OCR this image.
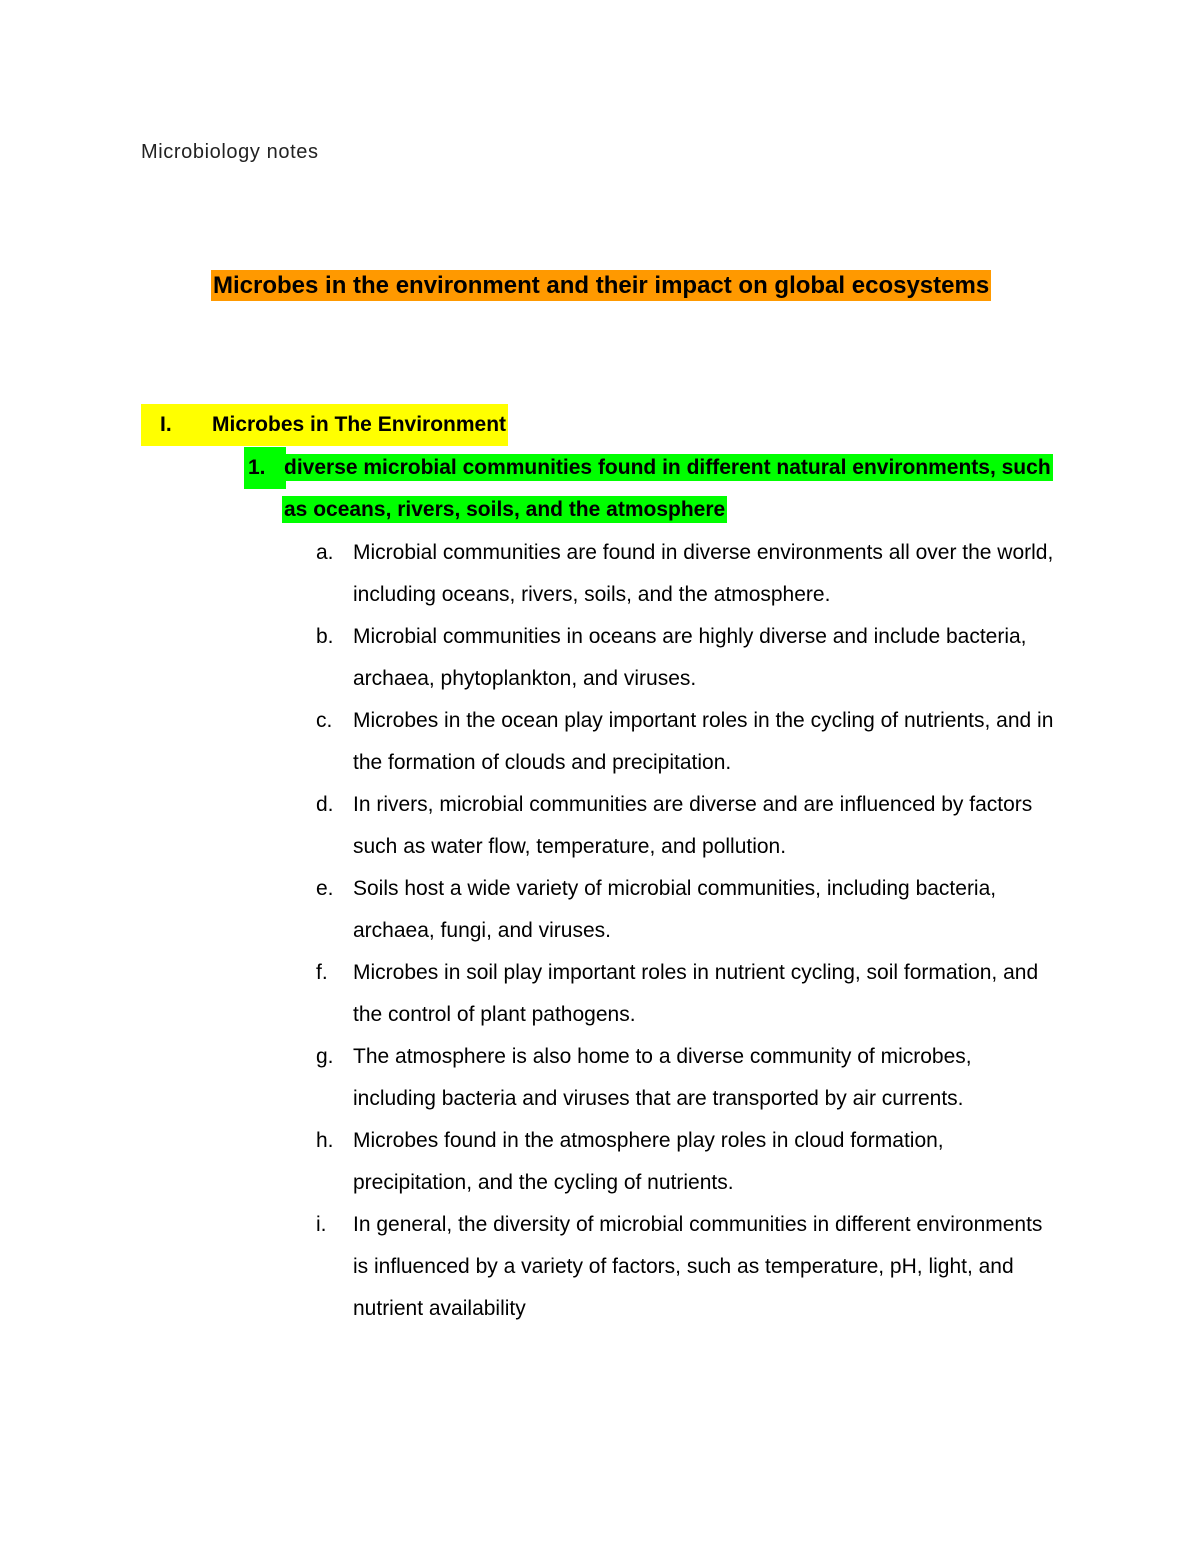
Microbiology notes
Microbes in the environment and their impact on global ecosystems
I.	Microbes in The Environment
1. diverse microbial communities found in different natural environments, such as oceans, rivers, soils, and the atmosphere
a. Microbial communities are found in diverse environments all over the world, including oceans, rivers, soils, and the atmosphere.
b. Microbial communities in oceans are highly diverse and include bacteria, archaea, phytoplankton, and viruses.
c. Microbes in the ocean play important roles in the cycling of nutrients, and in the formation of clouds and precipitation.
d. In rivers, microbial communities are diverse and are influenced by factors such as water flow, temperature, and pollution.
e. Soils host a wide variety of microbial communities, including bacteria, archaea, fungi, and viruses.
f. Microbes in soil play important roles in nutrient cycling, soil formation, and the control of plant pathogens.
g. The atmosphere is also home to a diverse community of microbes, including bacteria and viruses that are transported by air currents.
h. Microbes found in the atmosphere play roles in cloud formation, precipitation, and the cycling of nutrients.
i. In general, the diversity of microbial communities in different environments is influenced by a variety of factors, such as temperature, pH, light, and nutrient availability
